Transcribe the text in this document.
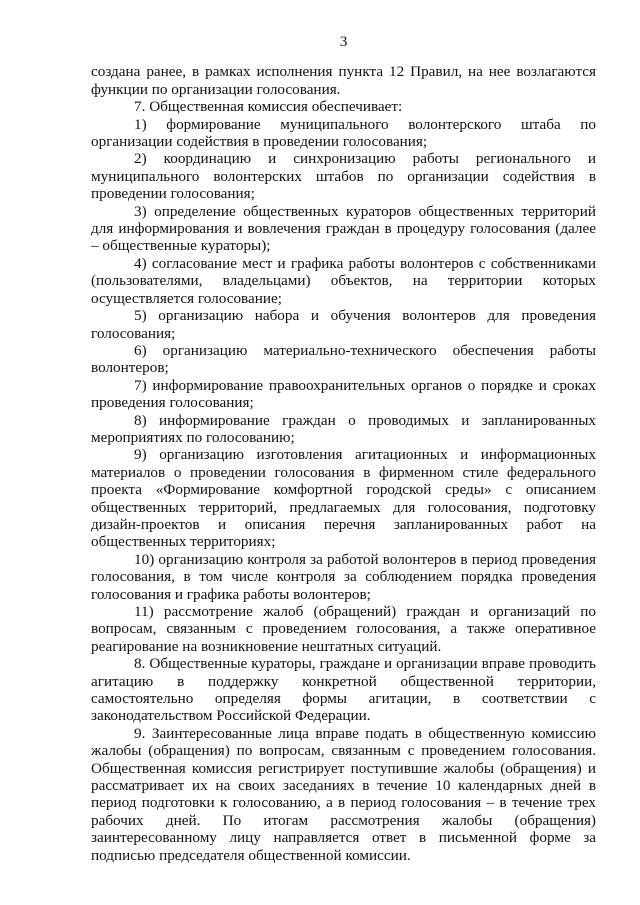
3

создана ранее, в рамках исполнения пункта 12 Правил, на нее возлагаются функции по организации голосования.

7. Общественная комиссия обеспечивает:

1) формирование муниципального волонтерского штаба по организации содействия в проведении голосования;

2) координацию и синхронизацию работы регионального и муниципального волонтерских штабов по организации содействия в проведении голосования;

3) определение общественных кураторов общественных территорий для информирования и вовлечения граждан в процедуру голосования (далее – общественные кураторы);

4) согласование мест и графика работы волонтеров с собственниками (пользователями, владельцами) объектов, на территории которых осуществляется голосование;

5) организацию набора и обучения волонтеров для проведения голосования;

6) организацию материально-технического обеспечения работы волонтеров;

7) информирование правоохранительных органов о порядке и сроках проведения голосования;

8) информирование граждан о проводимых и запланированных мероприятиях по голосованию;

9) организацию изготовления агитационных и информационных материалов о проведении голосования в фирменном стиле федерального проекта «Формирование комфортной городской среды» с описанием общественных территорий, предлагаемых для голосования, подготовку дизайн-проектов и описания перечня запланированных работ на общественных территориях;

10) организацию контроля за работой волонтеров в период проведения голосования, в том числе контроля за соблюдением порядка проведения голосования и графика работы волонтеров;

11) рассмотрение жалоб (обращений) граждан и организаций по вопросам, связанным с проведением голосования, а также оперативное реагирование на возникновение нештатных ситуаций.

8. Общественные кураторы, граждане и организации вправе проводить агитацию в поддержку конкретной общественной территории, самостоятельно определяя формы агитации, в соответствии с законодательством Российской Федерации.

9. Заинтересованные лица вправе подать в общественную комиссию жалобы (обращения) по вопросам, связанным с проведением голосования. Общественная комиссия регистрирует поступившие жалобы (обращения) и рассматривает их на своих заседаниях в течение 10 календарных дней в период подготовки к голосованию, а в период голосования – в течение трех рабочих дней. По итогам рассмотрения жалобы (обращения) заинтересованному лицу направляется ответ в письменной форме за подписью председателя общественной комиссии.
